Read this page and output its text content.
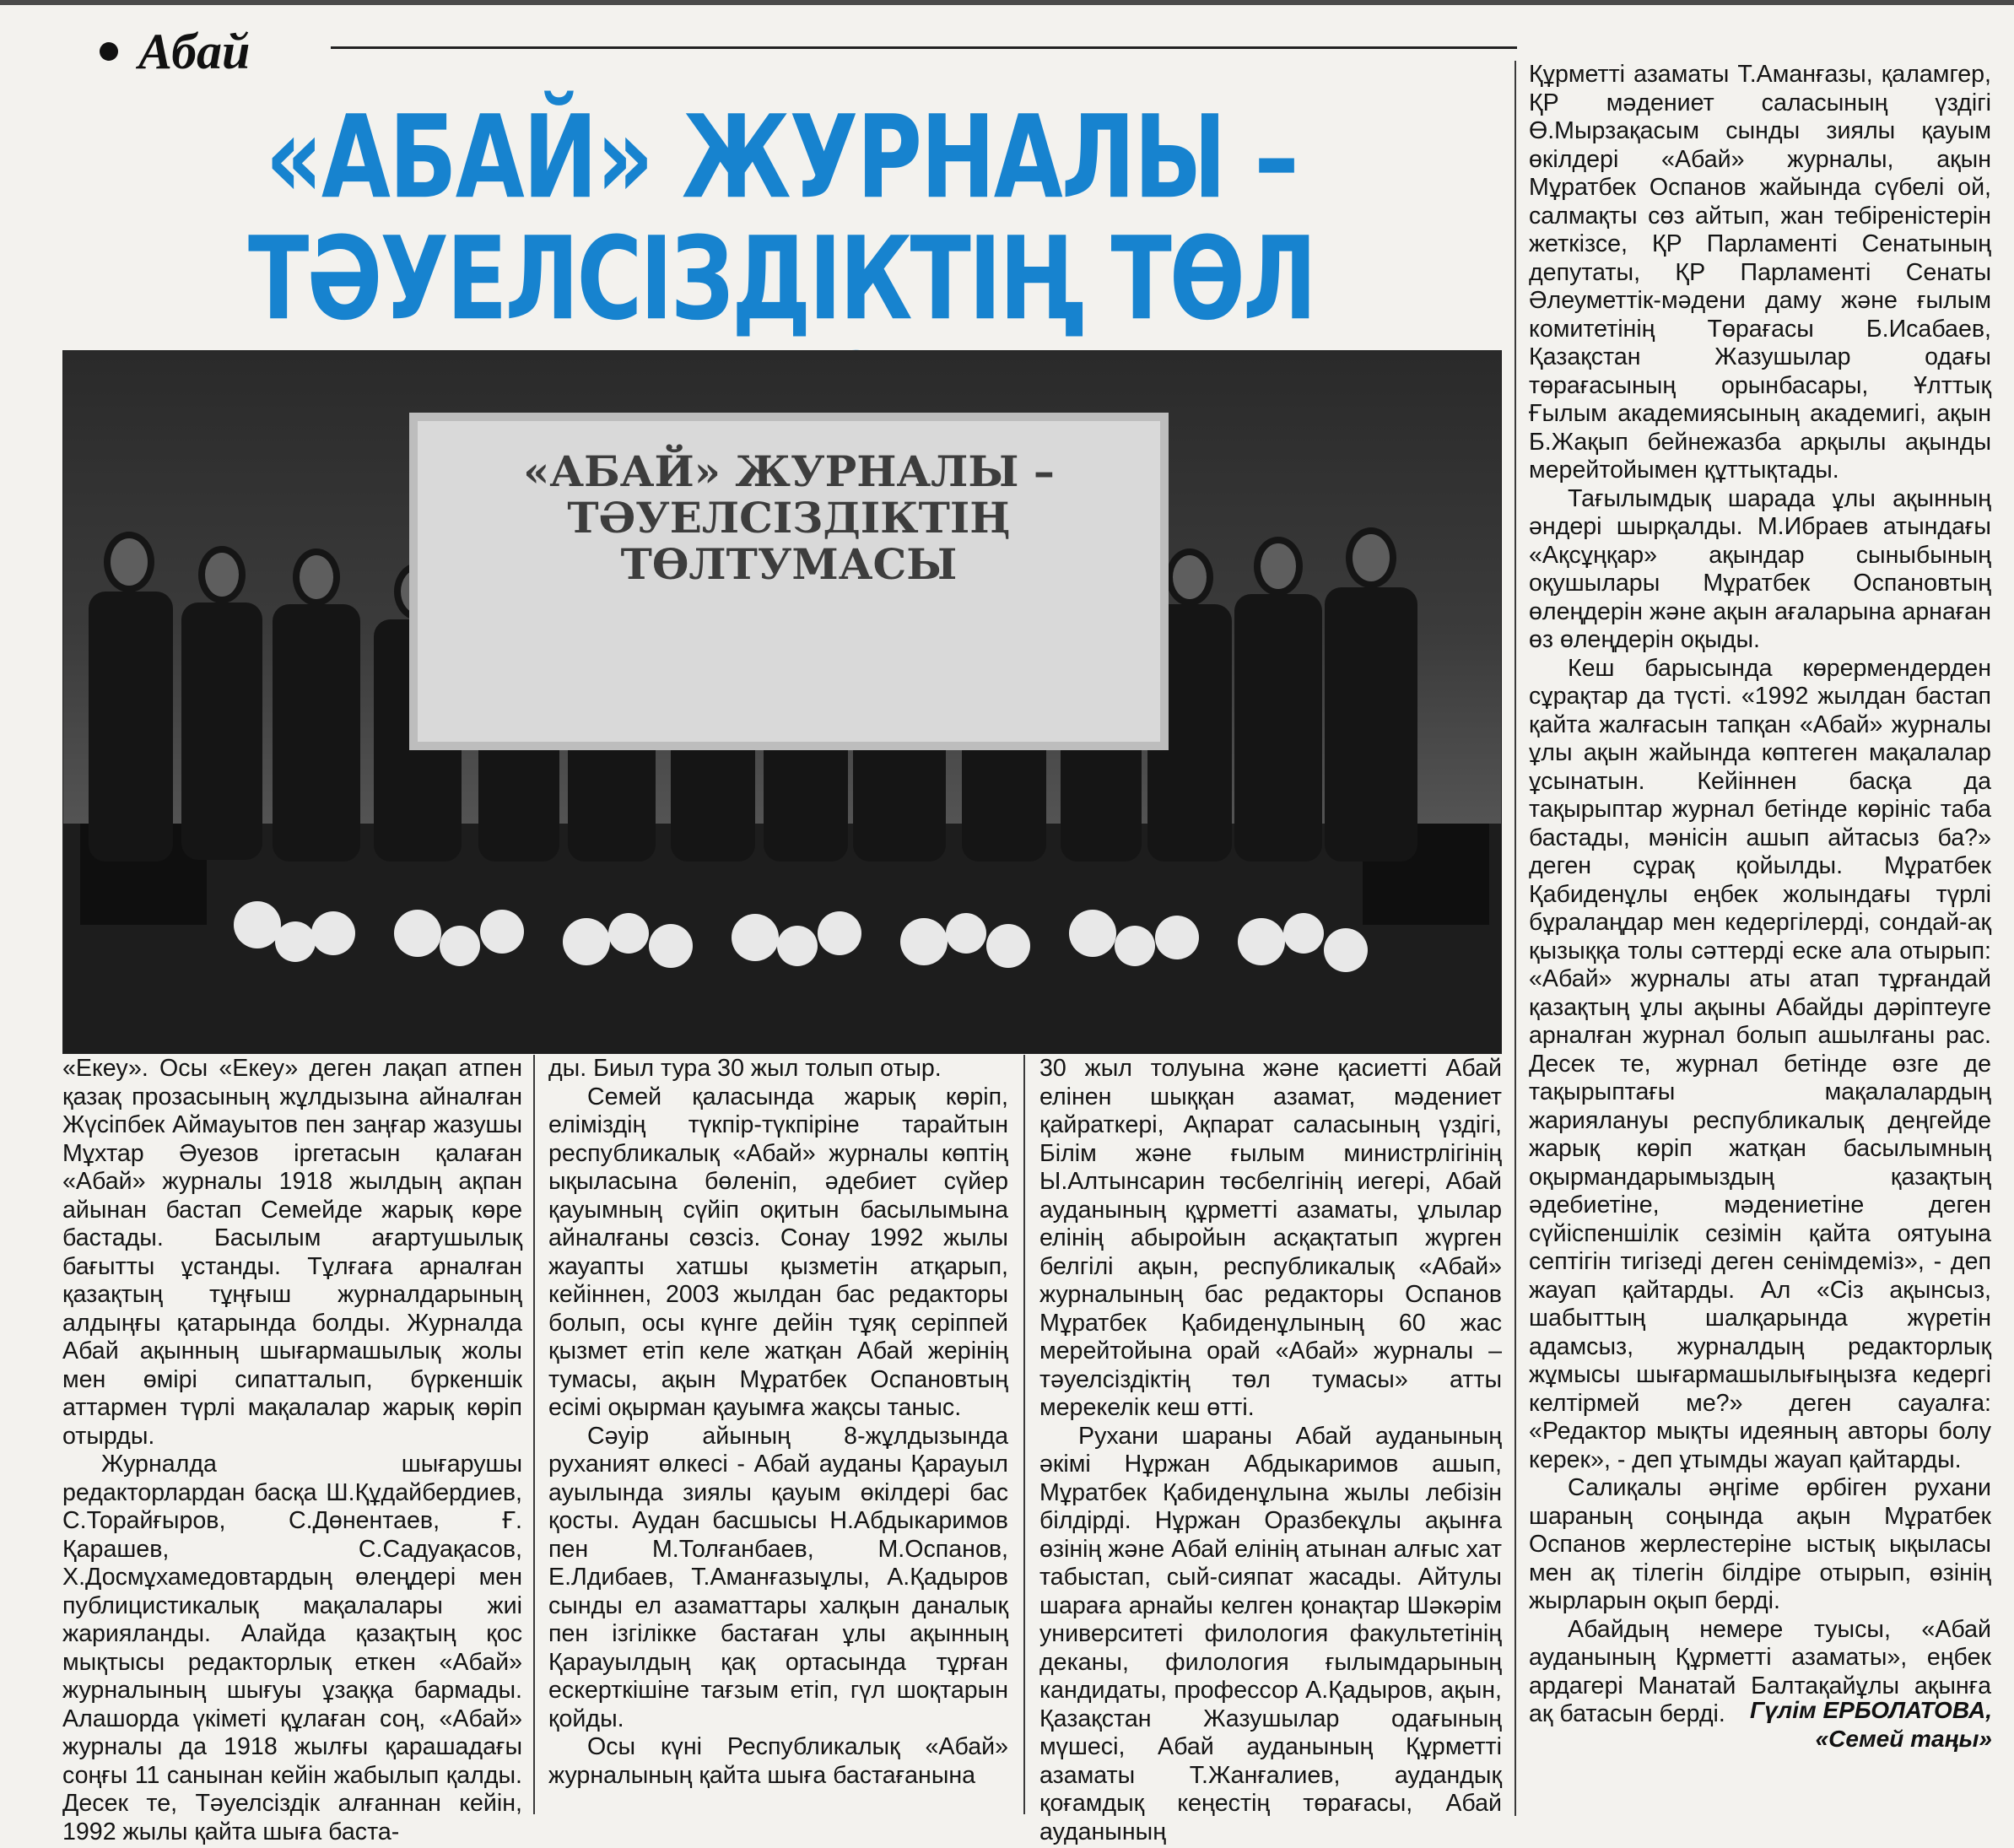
Абай
«АБАЙ» ЖУРНАЛЫ –
ТӘУЕЛСІЗДІКТІҢ ТӨЛ
«АБАЙ» ЖУРНАЛЫ –
ТӘУЕЛСІЗДІКТІҢ ТӨЛТУМАСЫ

«Екеу». Осы «Екеу» деген лақап атпен қазақ прозасының жұлдызына айналған Жүсіпбек Аймауытов пен заңғар жазушы Мұхтар Әуезов іргетасын қалаған «Абай» журналы 1918 жылдың ақпан айынан бастап Семейде жарық көре бастады. Басылым ағартушылық бағытты ұстанды. Тұлғаға арналған қазақтың тұңғыш журналдарының алдыңғы қатарында болды. Журналда Абай ақынның шығармашылық жолы мен өмірі сипатталып, бүркеншік аттармен түрлі мақалалар жарық көріп отырды.

Журналда шығарушы редакторлардан басқа Ш.Құдайбердиев, С.Торайғыров, С.Дөнентаев, Ғ. Қарашев, С.Садуақасов, Х.Досмұхамедовтардың өлеңдері мен публицистикалық мақалалары жиі жарияланды. Алайда қазақтың қос мықтысы редакторлық еткен «Абай» журналының шығуы ұзаққа бармады. Алашорда үкіметі құлаған соң, «Абай» журналы да 1918 жылғы қарашадағы соңғы 11 санынан кейін жабылып қалды. Десек те, Тәуелсіздік алғаннан кейін, 1992 жылы қайта шыға баста-

ды. Биыл тура 30 жыл толып отыр.

Семей қаласында жарық көріп, еліміздің түкпір-түкпіріне тарайтын республикалық «Абай» журналы көптің ықыласына бөленіп, әдебиет сүйер қауымның сүйіп оқитын басылымына айналғаны сөзсіз. Сонау 1992 жылы жауапты хатшы қызметін атқарып, кейіннен, 2003 жылдан бас редакторы болып, осы күнге дейін тұяқ серіппей қызмет етіп келе жатқан Абай жерінің тумасы, ақын Мұратбек Оспановтың есімі оқырман қауымға жақсы таныс.

Сәуір айының 8-жұлдызында руханият өлкесі - Абай ауданы Қарауыл ауылында зиялы қауым өкілдері бас қосты. Аудан басшысы Н.Абдыкаримов пен М.Толғанбаев, М.Оспанов, Е.Лдибаев, Т.Аманғазыұлы, А.Қадыров сынды ел азаматтары халқын даналық пен ізгілікке бастаған ұлы ақынның Қарауылдың қақ ортасында тұрған ескерткішіне тағзым етіп, гүл шоқтарын қойды.

Осы күні Республикалық «Абай» журналының қайта шыға бастағанына

30 жыл толуына және қасиетті Абай елінен шыққан азамат, мәдениет қайраткері, Ақпарат саласының үздігі, Білім және ғылым министрлігінің Ы.Алтынсарин төсбелгінің иегері, Абай ауданының құрметті азаматы, ұлылар елінің абыройын асқақтатып жүрген белгілі ақын, республикалық «Абай» журналының бас редакторы Оспанов Мұратбек Қабиденұлының 60 жас мерейтойына орай «Абай» журналы – тәуелсіздіктің төл тумасы» атты мерекелік кеш өтті.

Рухани шараны Абай ауданының әкімі Нұржан Абдыкаримов ашып, Мұратбек Қабиденұлына жылы лебізін білдірді. Нұржан Оразбекұлы ақынға өзінің және Абай елінің атынан алғыс хат табыстап, сый-сияпат жасады. Айтулы шараға арнайы келген қонақтар Шәкәрім университеті филология факультетінің деканы, филология ғылымдарының кандидаты, профессор А.Қадыров, ақын, Қазақстан Жазушылар одағының мүшесі, Абай ауданының Құрметті азаматы Т.Жанғалиев, аудандық қоғамдық кеңестің төрағасы, Абай ауданының

Құрметті азаматы Т.Аманғазы, қаламгер, ҚР мәдениет саласының үздігі Ө.Мырзақасым сынды зиялы қауым өкілдері «Абай» журналы, ақын Мұратбек Оспанов жайында сүбелі ой, салмақты сөз айтып, жан тебіреністерін жеткізсе, ҚР Парламенті Сенатының депутаты, ҚР Парламенті Сенаты Әлеуметтік-мәдени даму және ғылым комитетінің Төрағасы Б.Исабаев, Қазақстан Жазушылар одағы төрағасының орынбасары, Ұлттық Ғылым академиясының академигі, ақын Б.Жақып бейнежазба арқылы ақынды мерейтойымен құттықтады.

Тағылымдық шарада ұлы ақынның әндері шырқалды. М.Ибраев атындағы «Ақсұңқар» ақындар сыныбының оқушылары Мұратбек Оспановтың өлеңдерін және ақын ағаларына арнаған өз өлеңдерін оқыды.

Кеш барысында көрермендерден сұрақтар да түсті. «1992 жылдан бастап қайта жалғасын тапқан «Абай» журналы ұлы ақын жайында көптеген мақалалар ұсынатын. Кейіннен басқа да тақырыптар журнал бетінде көрініс таба бастады, мәнісін ашып айтасыз ба?» деген сұрақ қойылды. Мұратбек Қабиденұлы еңбек жолындағы түрлі бұралаңдар мен кедергілерді, сондай-ақ қызыққа толы сәттерді еске ала отырып: «Абай» журналы аты атап тұрғандай қазақтың ұлы ақыны Абайды дәріптеуге арналған журнал болып ашылғаны рас. Десек те, журнал бетінде өзге де тақырыптағы мақалалардың жариялануы республикалық деңгейде жарық көріп жатқан басылымның оқырмандарымыздың қазақтың әдебиетіне, мәдениетіне деген сүйіспеншілік сезімін қайта оятуына септігін тигізеді деген сенімдеміз», - деп жауап қайтарды. Ал «Сіз ақынсыз, шабыттың шалқарында жүретін адамсыз, журналдың редакторлық жұмысы шығармашылығыңызға кедергі келтірмей ме?» деген сауалға: «Редактор мықты идеяның авторы болу керек», - деп ұтымды жауап қайтарды.

Салиқалы әңгіме өрбіген рухани шараның соңында ақын Мұратбек Оспанов жерлестеріне ыстық ықыласы мен ақ тілегін білдіре отырып, өзінің жырларын оқып берді.

Абайдың немере туысы, «Абай ауданының Құрметті азаматы», еңбек ардагері Манатай Балтақайұлы ақынға ақ батасын берді.	Гүлім ЕРБОЛАТОВА,
«Семей таңы»
